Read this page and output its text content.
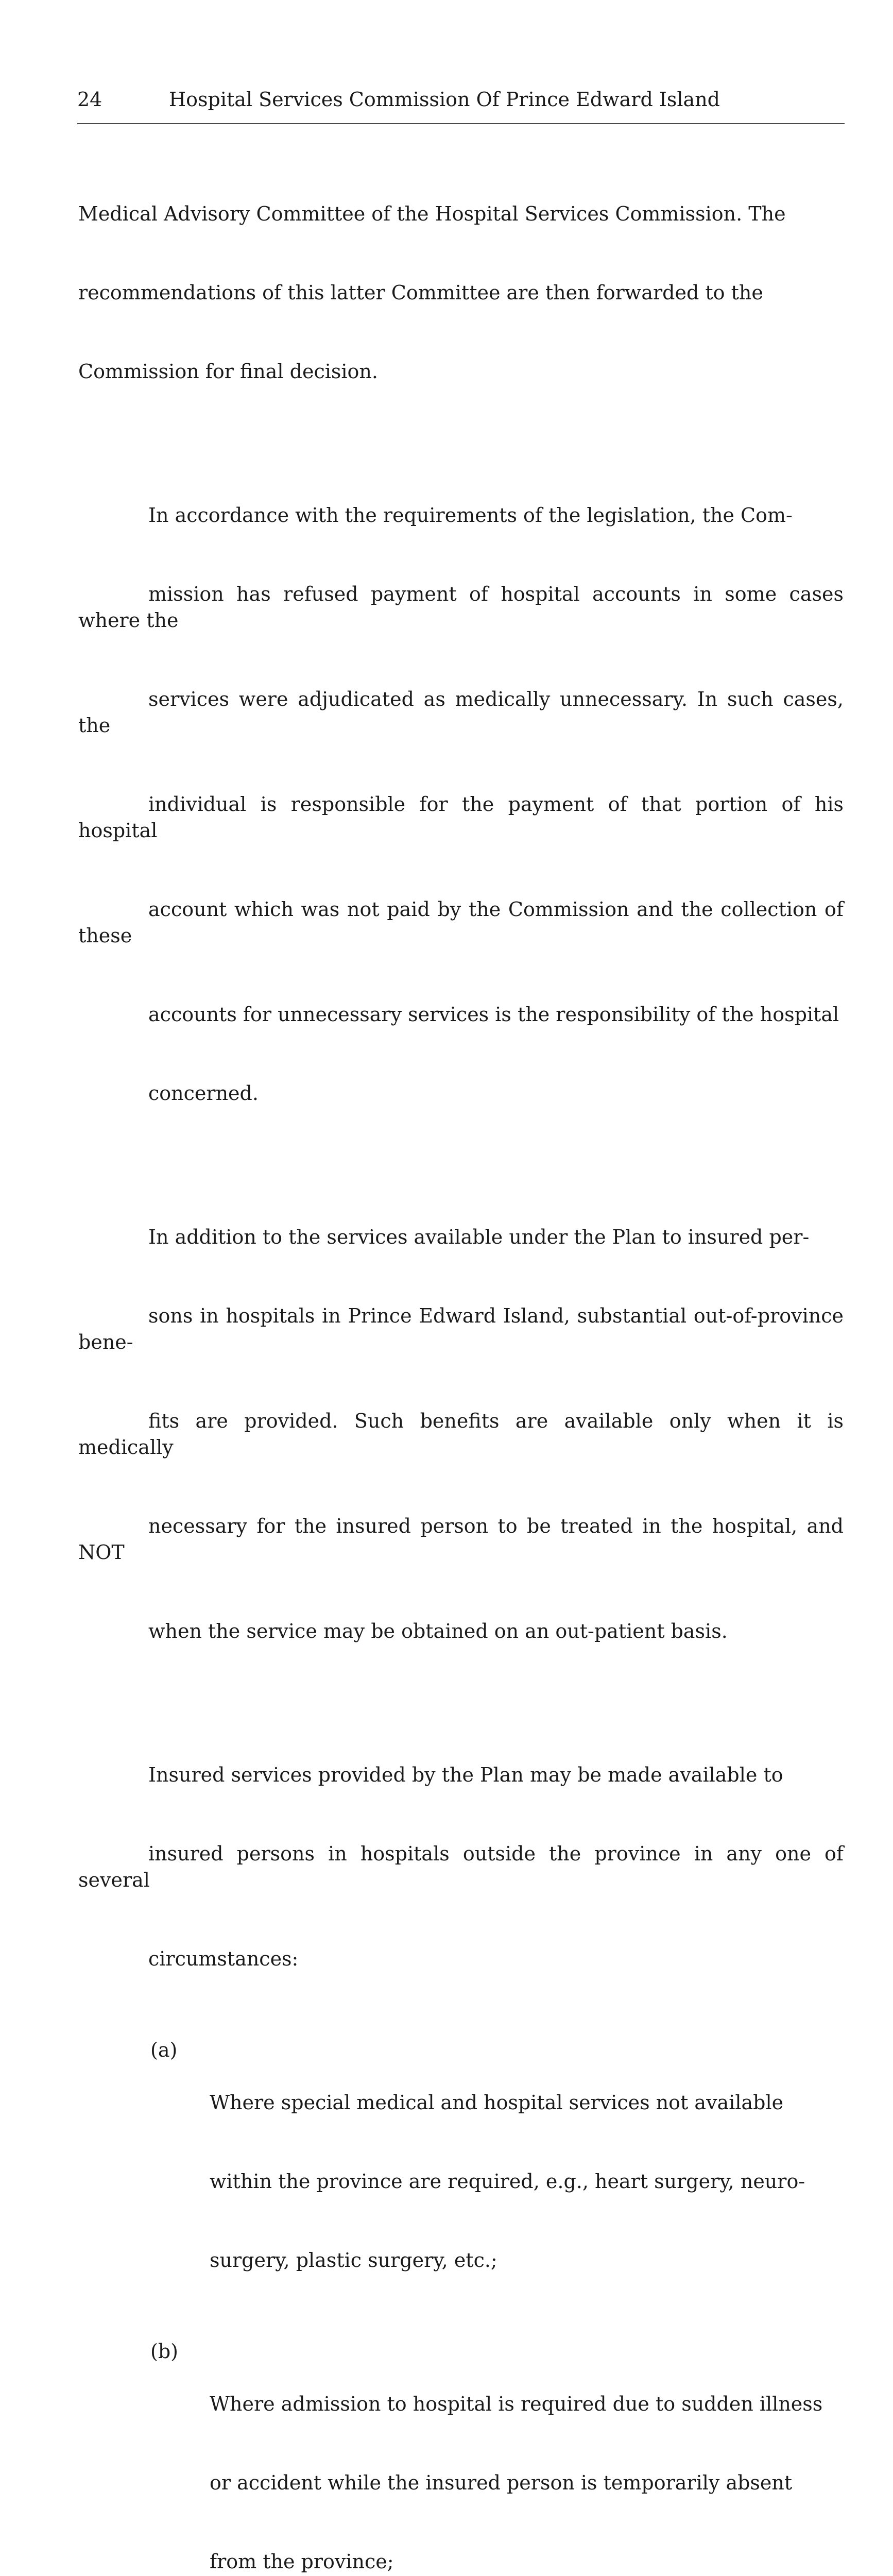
24	Hospital Services Commission Of Prince Edward Island

Medical Advisory Committee of the Hospital Services Commission. The

recommendations of this latter Committee are then forwarded to the

Commission for final decision.

In accordance with the requirements of the legislation, the Com-

mission has refused payment of hospital accounts in some cases where the

services were adjudicated as medically unnecessary. In such cases, the

individual is responsible for the payment of that portion of his hospital

account which was not paid by the Commission and the collection of these

accounts for unnecessary services is the responsibility of the hospital

concerned.

In addition to the services available under the Plan to insured per-

sons in hospitals in Prince Edward Island, substantial out-of-province bene-

fits are provided. Such benefits are available only when it is medically

necessary for the insured person to be treated in the hospital, and NOT

when the service may be obtained on an out-patient basis.

Insured services provided by the Plan may be made available to

insured persons in hospitals outside the province in any one of several

circumstances:

(a)

Where special medical and hospital services not available

within the province are required, e.g., heart surgery, neuro-

surgery, plastic surgery, etc.;

(b)

Where admission to hospital is required due to sudden illness

or accident while the insured person is temporarily absent

from the province;
